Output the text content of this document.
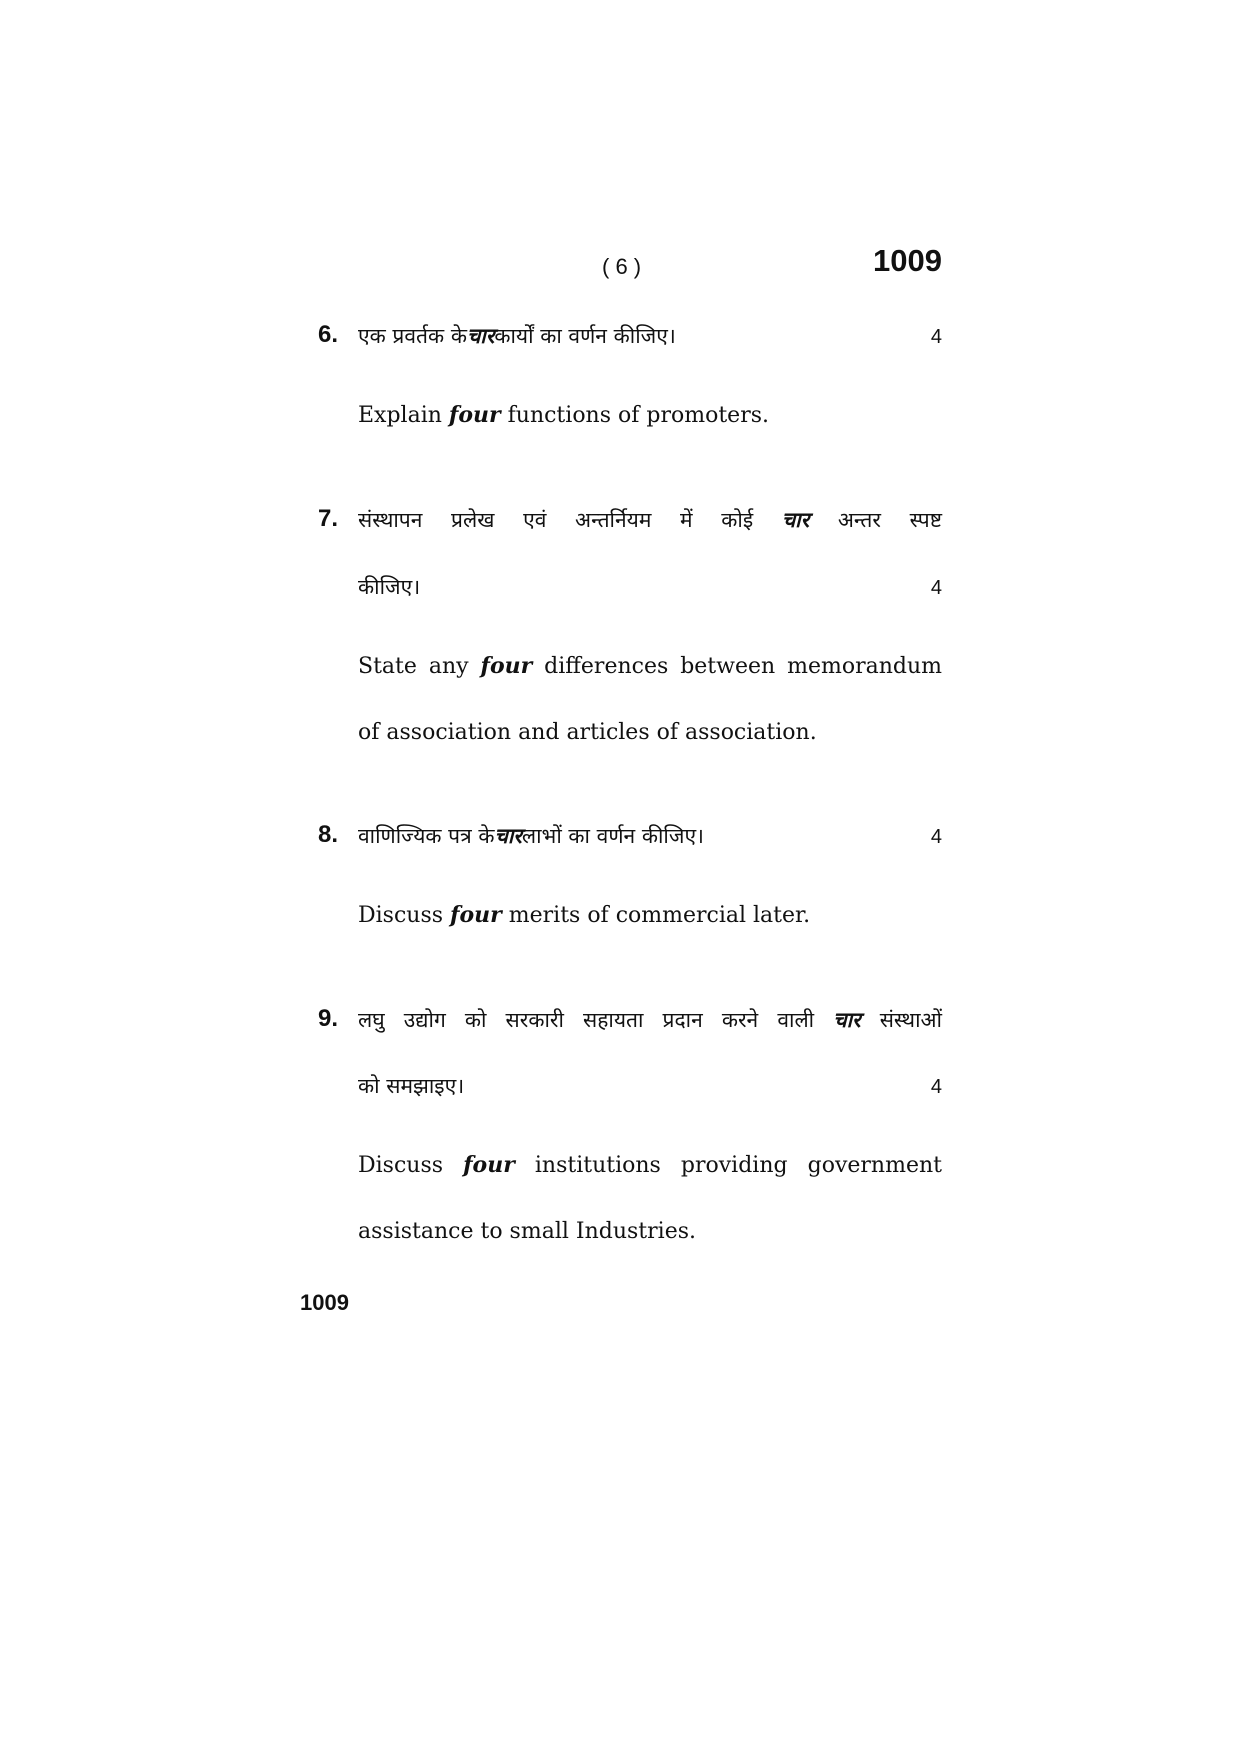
( 6 )	1009
6. एक प्रवर्तक के चार कार्यों का वर्णन कीजिए।	4
Explain four functions of promoters.
7. संस्थापन प्रलेख एवं अन्तर्नियम में कोई चार अन्तर स्पष्ट
कीजिए।	4
State any four differences between memorandum
of association and articles of association.
8. वाणिज्यिक पत्र के चार लाभों का वर्णन कीजिए।	4
Discuss four merits of commercial later.
9. लघु उद्योग को सरकारी सहायता प्रदान करने वाली चार संस्थाओं
को समझाइए।	4
Discuss four institutions providing government
assistance to small Industries.
1009
